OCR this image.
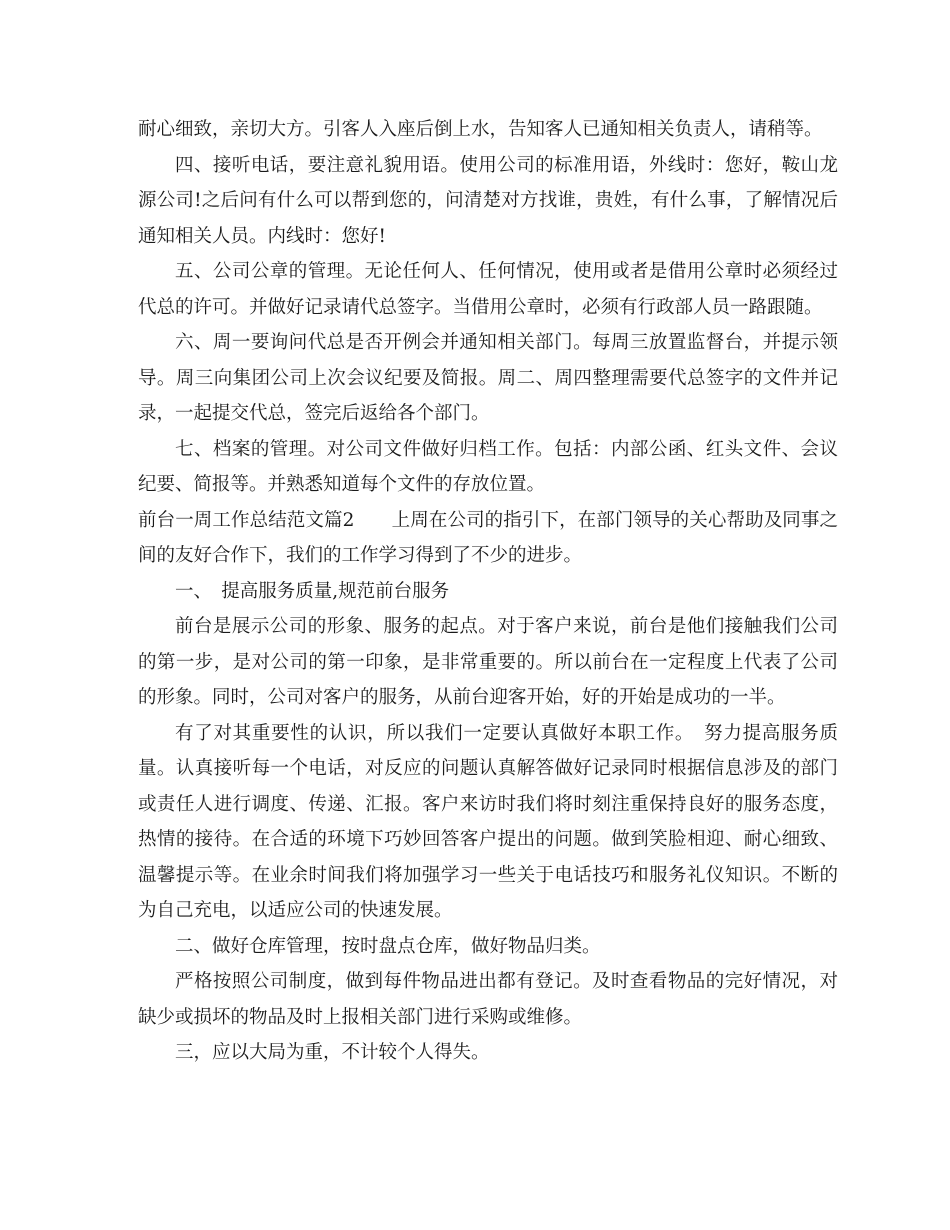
耐心细致，亲切大方。引客人入座后倒上水，告知客人已通知相关负责人，请稍等。

四、接听电话，要注意礼貌用语。使用公司的标准用语，外线时：您好，鞍山龙源公司!之后问有什么可以帮到您的，问清楚对方找谁，贵姓，有什么事，了解情况后通知相关人员。内线时：您好!

五、公司公章的管理。无论任何人、任何情况，使用或者是借用公章时必须经过代总的许可。并做好记录请代总签字。当借用公章时，必须有行政部人员一路跟随。

六、周一要询问代总是否开例会并通知相关部门。每周三放置监督台，并提示领导。周三向集团公司上次会议纪要及简报。周二、周四整理需要代总签字的文件并记录，一起提交代总，签完后返给各个部门。

七、档案的管理。对公司文件做好归档工作。包括：内部公函、红头文件、会议纪要、简报等。并熟悉知道每个文件的存放位置。

前台一周工作总结范文篇2　　上周在公司的指引下，在部门领导的关心帮助及同事之间的友好合作下，我们的工作学习得到了不少的进步。

一、　提高服务质量,规范前台服务

前台是展示公司的形象、服务的起点。对于客户来说，前台是他们接触我们公司的第一步，是对公司的第一印象，是非常重要的。所以前台在一定程度上代表了公司的形象。同时，公司对客户的服务，从前台迎客开始，好的开始是成功的一半。

有了对其重要性的认识，所以我们一定要认真做好本职工作。　努力提高服务质量。认真接听每一个电话，对反应的问题认真解答做好记录同时根据信息涉及的部门或责任人进行调度、传递、汇报。客户来访时我们将时刻注重保持良好的服务态度，热情的接待。在合适的环境下巧妙回答客户提出的问题。做到笑脸相迎、耐心细致、温馨提示等。在业余时间我们将加强学习一些关于电话技巧和服务礼仪知识。不断的为自己充电，以适应公司的快速发展。

二、做好仓库管理，按时盘点仓库，做好物品归类。

严格按照公司制度，做到每件物品进出都有登记。及时查看物品的完好情况，对缺少或损坏的物品及时上报相关部门进行采购或维修。

三，应以大局为重，不计较个人得失。
